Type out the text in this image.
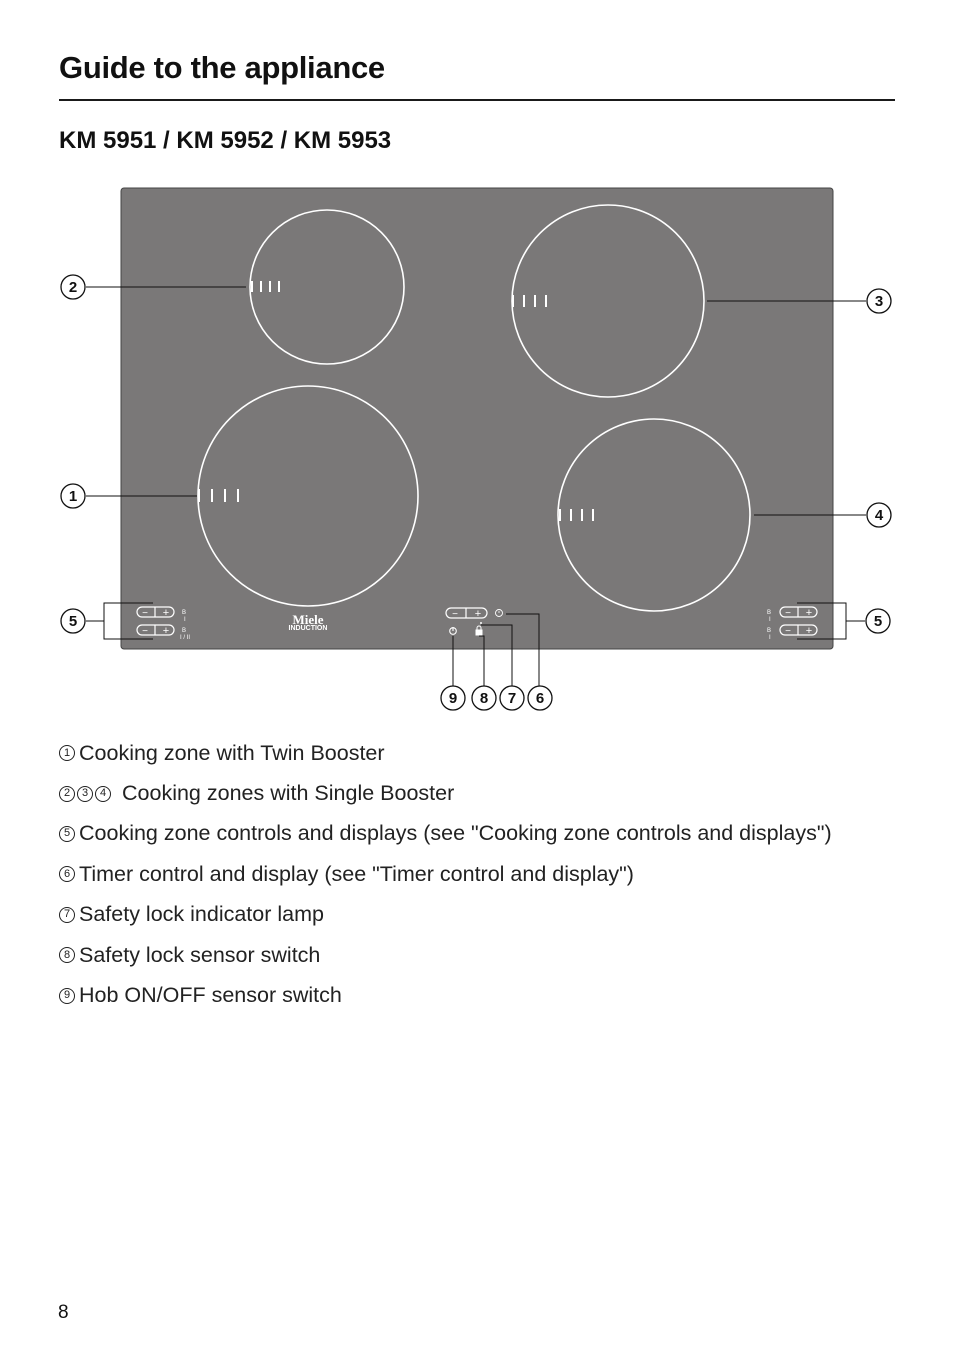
Guide to the appliance
KM 5951 / KM 5952 / KM 5953
− +
− +
B
I
B
I / II
Miele
INDUCTION
− +	− +
− +
B
I
B
I
2
1
5
3
4
5
9 8 7 6
1 Cooking zone with Twin Booster
2	3	4 Cooking zones with Single Booster
5 Cooking zone controls and displays (see "Cooking zone controls and displays")
6 Timer control and display (see "Timer control and display")
7 Safety lock indicator lamp
8 Safety lock sensor switch
9 Hob ON/OFF sensor switch
8
